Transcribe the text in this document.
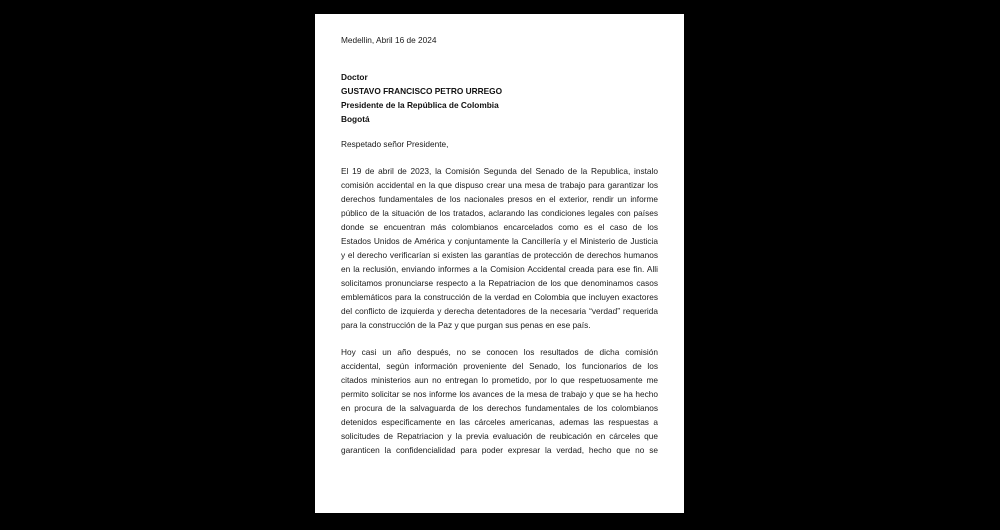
Medellin, Abril 16 de 2024
Doctor
GUSTAVO FRANCISCO PETRO URREGO
Presidente de la República de Colombia
Bogotá
Respetado señor Presidente,
El 19 de abril de 2023, la Comisión Segunda del Senado de la Republica, instalo
comisión accidental en la que dispuso crear una mesa de trabajo para garantizar los
derechos fundamentales de los nacionales presos en el exterior, rendir un informe
público de la situación de los tratados, aclarando las condiciones legales con países
donde se encuentran más colombianos encarcelados como es el caso de los
Estados Unidos de América y conjuntamente la Cancillería y el Ministerio de Justicia
y el derecho verificarían si existen las garantías de protección de derechos humanos
en la reclusión, enviando informes a la Comision Accidental creada para ese fin. Alli
solicitamos pronunciarse respecto a la Repatriacion de los que denominamos casos
emblemáticos para la construcción de la verdad en Colombia que incluyen exactores
del conflicto de izquierda y derecha detentadores de la necesaria “verdad” requerida
para la construcción de la Paz y que purgan sus penas en ese país.
Hoy casi un año después, no se conocen los resultados de dicha comisión
accidental, según información proveniente del Senado, los funcionarios de los
citados ministerios aun no entregan lo prometido, por lo que respetuosamente me
permito solicitar se nos informe los avances de la mesa de trabajo y que se ha hecho
en procura de la salvaguarda de los derechos fundamentales de los colombianos
detenidos especificamente en las cárceles americanas, ademas las respuestas a
solicitudes de Repatriacion y la previa evaluación de reubicación en cárceles que
garanticen la confidencialidad para poder expresar la verdad, hecho que no se
